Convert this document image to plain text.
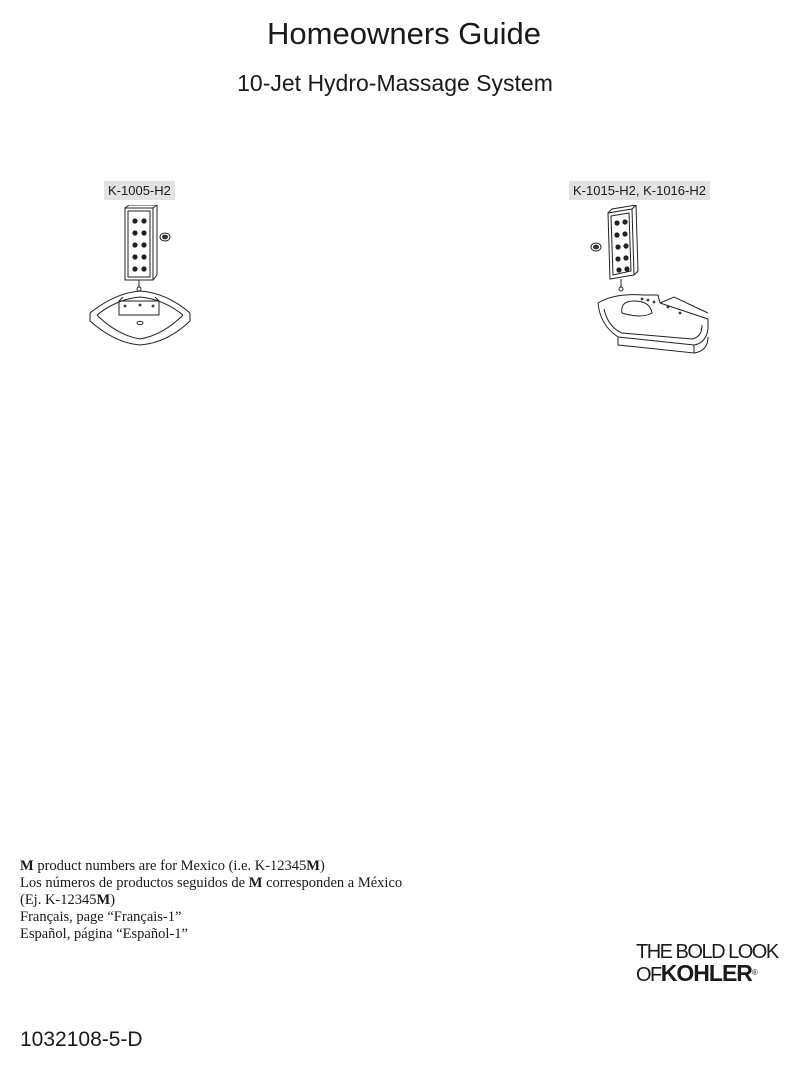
Homeowners Guide
10-Jet Hydro-Massage System
K-1005-H2	K-1015-H2, K-1016-H2
M product numbers are for Mexico (i.e. K-12345M)
Los números de productos seguidos de M corresponden a México
(Ej. K-12345M)
Français, page “Français-1”
Español, página “Español-1”
THE BOLD LOOK
OFKOHLER®
1032108-5-D
